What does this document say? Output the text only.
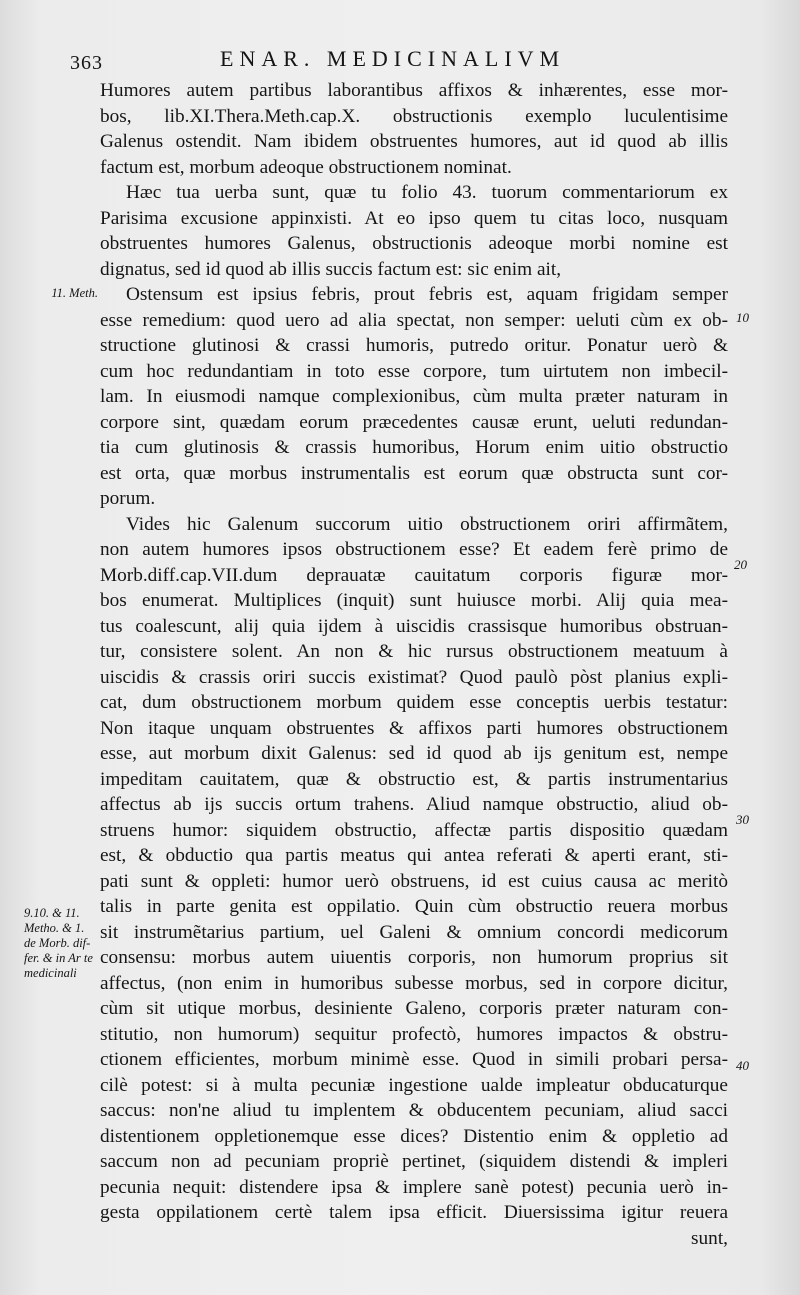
363	ENAR. MEDICINALIVM
Humores autem partibus laborantibus affixos & inhærentes, esse mor-
bos, lib.XI.Thera.Meth.cap.X. obstructionis exemplo luculentisime
Galenus ostendit. Nam ibidem obstruentes humores, aut id quod ab illis
factum est, morbum adeoque obstructionem nominat.
Hæc tua uerba sunt, quæ tu folio 43. tuorum commentariorum ex
Parisima excusione appinxisti. At eo ipso quem tu citas loco, nusquam
obstruentes humores Galenus, obstructionis adeoque morbi nomine est
dignatus, sed id quod ab illis succis factum est: sic enim ait,
Ostensum est ipsius febris, prout febris est, aquam frigidam semper
esse remedium: quod uero ad alia spectat, non semper: ueluti cùm ex ob-
structione glutinosi & crassi humoris, putredo oritur. Ponatur uerò &
cum hoc redundantiam in toto esse corpore, tum uirtutem non imbecil-
lam. In eiusmodi namque complexionibus, cùm multa præter naturam in
corpore sint, quædam eorum præcedentes causæ erunt, ueluti redundan-
tia cum glutinosis & crassis humoribus, Horum enim uitio obstructio
est orta, quæ morbus instrumentalis est eorum quæ obstructa sunt cor-
porum.
Vides hic Galenum succorum uitio obstructionem oriri affirmãtem,
non autem humores ipsos obstructionem esse? Et eadem ferè primo de
Morb.diff.cap.VII.dum deprauatæ cauitatum corporis figuræ mor-
bos enumerat. Multiplices (inquit) sunt huiusce morbi. Alij quia mea-
tus coalescunt, alij quia ijdem à uiscidis crassisque humoribus obstruan-
tur, consistere solent. An non & hic rursus obstructionem meatuum à
uiscidis & crassis oriri succis existimat? Quod paulò pòst planius expli-
cat, dum obstructionem morbum quidem esse conceptis uerbis testatur:
Non itaque unquam obstruentes & affixos parti humores obstructionem
esse, aut morbum dixit Galenus: sed id quod ab ijs genitum est, nempe
impeditam cauitatem, quæ & obstructio est, & partis instrumentarius
affectus ab ijs succis ortum trahens. Aliud namque obstructio, aliud ob-
struens humor: siquidem obstructio, affectæ partis dispositio quædam
est, & obductio qua partis meatus qui antea referati & aperti erant, sti-
pati sunt & oppleti: humor uerò obstruens, id est cuius causa ac meritò
talis in parte genita est oppilatio. Quin cùm obstructio reuera morbus
sit instrumẽtarius partium, uel Galeni & omnium concordi medicorum
consensu: morbus autem uiuentis corporis, non humorum proprius sit
affectus, (non enim in humoribus subesse morbus, sed in corpore dicitur,
cùm sit utique morbus, desiniente Galeno, corporis præter naturam con-
stitutio, non humorum) sequitur profectò, humores impactos & obstru-
ctionem efficientes, morbum minimè esse. Quod in simili probari persa-
cilè potest: si à multa pecuniæ ingestione ualde impleatur obducaturque
saccus: non'ne aliud tu implentem & obducentem pecuniam, aliud sacci
distentionem oppletionemque esse dices? Distentio enim & oppletio ad
saccum non ad pecuniam propriè pertinet, (siquidem distendi & impleri
pecunia nequit: distendere ipsa & implere sanè potest) pecunia uerò in-
gesta oppilationem certè talem ipsa efficit. Diuersissima igitur reuera
sunt,
11. Meth.
9.10. & 11. Metho. & 1. de Morb. dif- fer. & in Ar te medicinali
10
20
30
40
